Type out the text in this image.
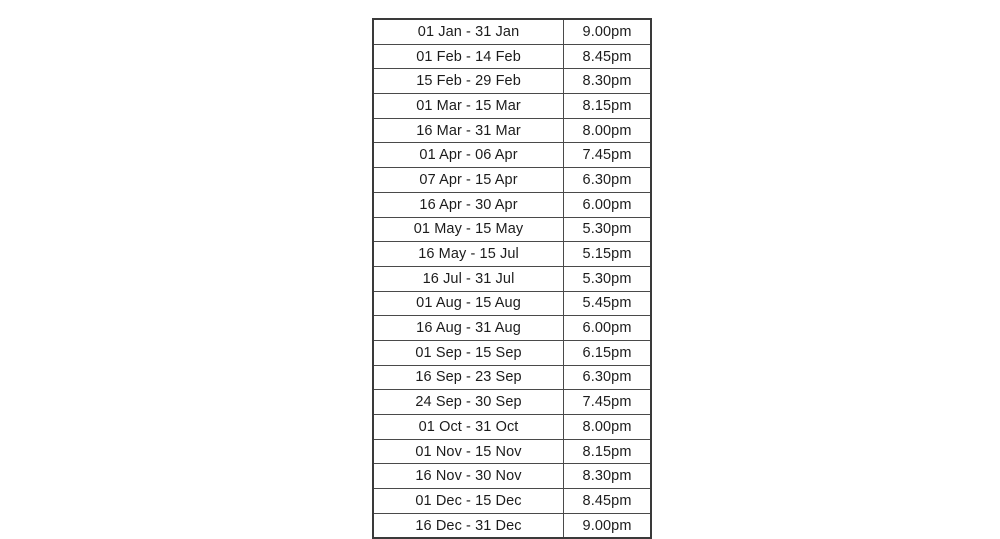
01 Jan - 31 Jan	9.00pm
01 Feb - 14 Feb	8.45pm
15 Feb - 29 Feb	8.30pm
01 Mar - 15 Mar	8.15pm
16 Mar - 31 Mar	8.00pm
01 Apr - 06 Apr	7.45pm
07 Apr - 15 Apr	6.30pm
16 Apr - 30 Apr	6.00pm
01 May - 15 May	5.30pm
16 May - 15 Jul	5.15pm
16 Jul - 31 Jul	5.30pm
01 Aug - 15 Aug	5.45pm
16 Aug - 31 Aug	6.00pm
01 Sep - 15 Sep	6.15pm
16 Sep - 23 Sep	6.30pm
24 Sep - 30 Sep	7.45pm
01 Oct - 31 Oct	8.00pm
01 Nov - 15 Nov	8.15pm
16 Nov - 30 Nov	8.30pm
01 Dec - 15 Dec	8.45pm
16 Dec - 31 Dec	9.00pm
